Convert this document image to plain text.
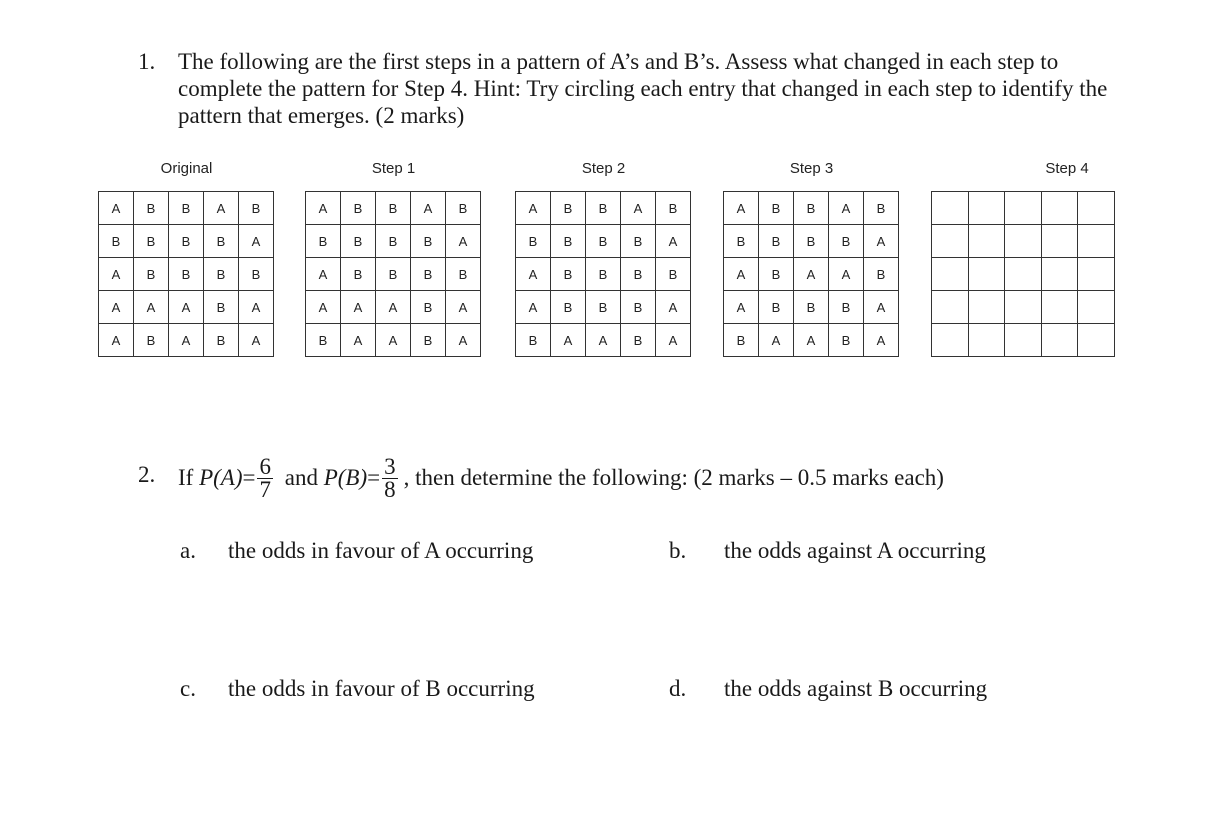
1. The following are the first steps in a pattern of A’s and B’s. Assess what changed in each step to complete the pattern for Step 4. Hint: Try circling each entry that changed in each step to identify the pattern that emerges. (2 marks)
Original
A	B	B	A	B
B	B	B	B	A
A	B	B	B	B
A	A	A	B	A
A	B	A	B	A
Step 1
A	B	B	A	B
B	B	B	B	A
A	B	B	B	B
A	A	A	B	A
B	A	A	B	A
Step 2
A	B	B	A	B
B	B	B	B	A
A	B	B	B	B
A	B	B	B	A
B	A	A	B	A
Step 3
A	B	B	A	B
B	B	B	B	A
A	B	A	A	B
A	B	B	B	A
B	A	A	B	A
Step 4

2. If
$P(A) = \frac{6}{7}$
and
$P(B) = \frac{3}{8}$ , then determine the following: (2 marks – 0.5 marks each)
a. the odds in favour of A occurring	b. the odds against A occurring
c. the odds in favour of B occurring	d. the odds against B occurring
